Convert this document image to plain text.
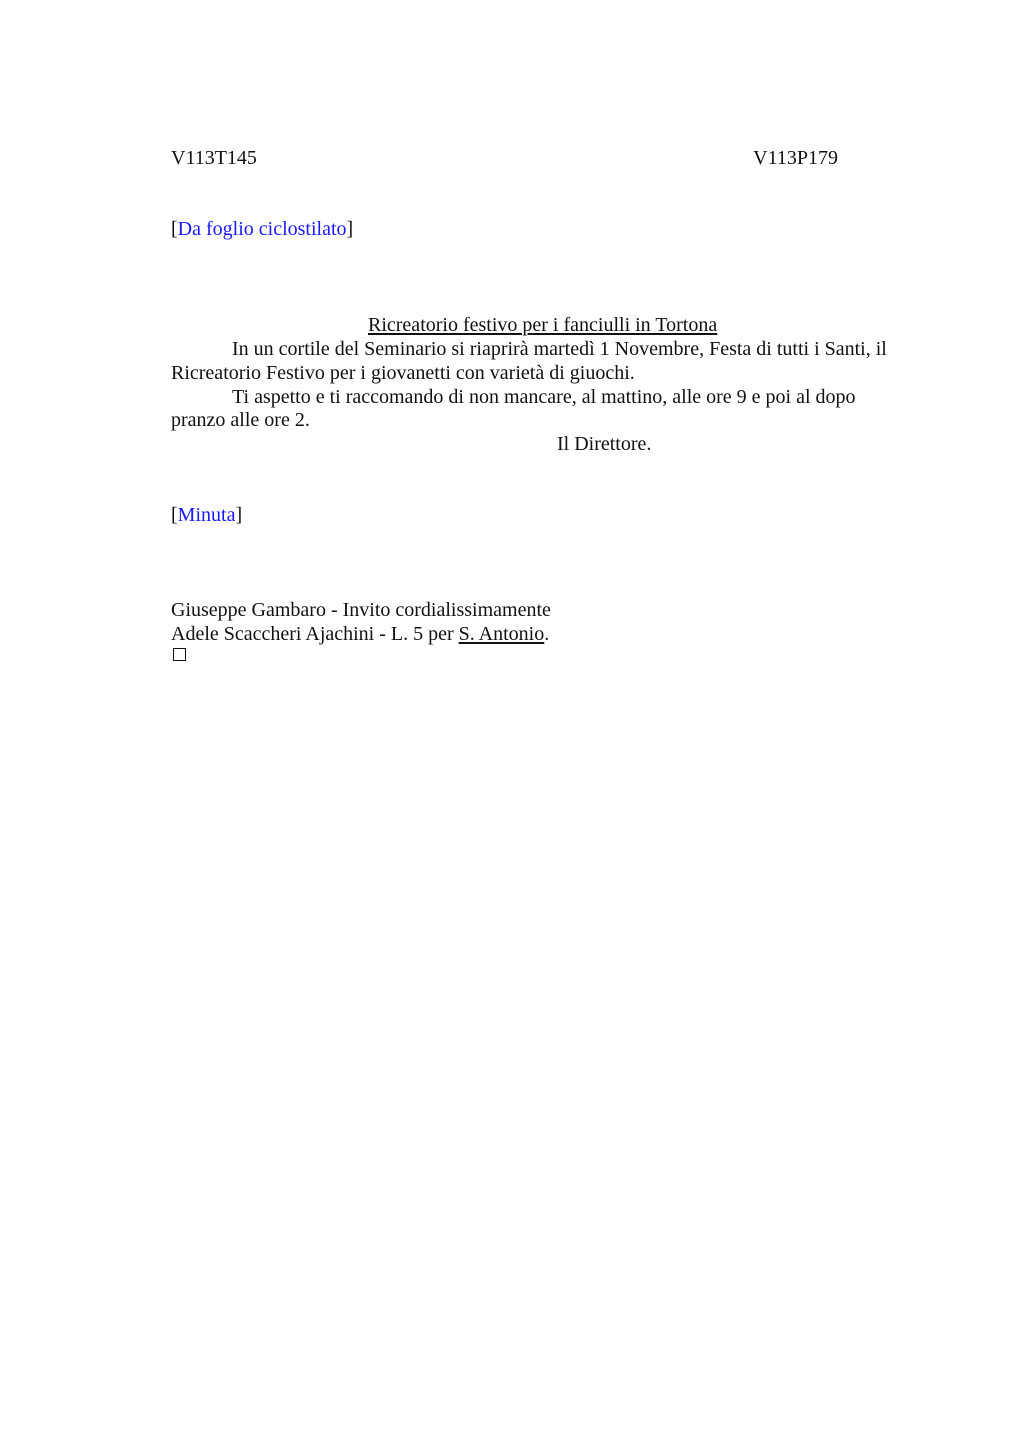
V113T145	V113P179
[Da foglio ciclostilato]
Ricreatorio festivo per i fanciulli in Tortona
In un cortile del Seminario si riaprirà martedì 1 Novembre, Festa di tutti i Santi, il
Ricreatorio Festivo per i giovanetti con varietà di giuochi.
Ti aspetto e ti raccomando di non mancare, al mattino, alle ore 9 e poi al dopo
pranzo alle ore 2.
Il Direttore.
[Minuta]
Giuseppe Gambaro - Invito cordialissimamente
Adele Scaccheri Ajachini - L. 5 per S. Antonio.
